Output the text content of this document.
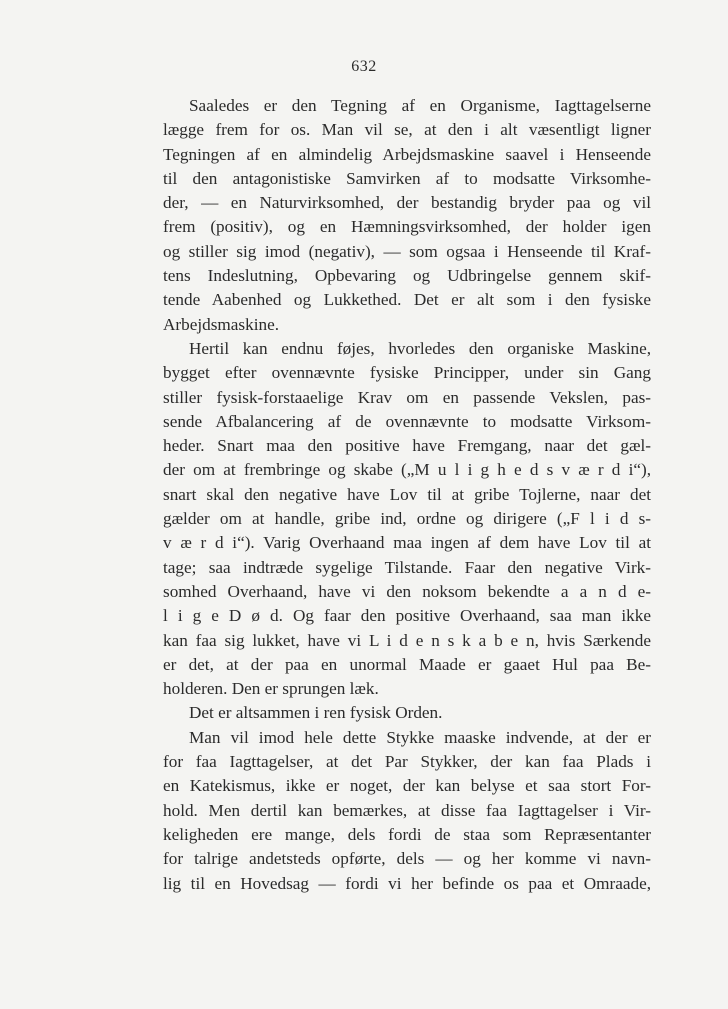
632
Saaledes er den Tegning af en Organisme, Iagttagelserne
lægge frem for os. Man vil se, at den i alt væsentligt ligner
Tegningen af en almindelig Arbejdsmaskine saavel i Henseende
til den antagonistiske Samvirken af to modsatte Virksomhe-
der, — en Naturvirksomhed, der bestandig bryder paa og vil
frem (positiv), og en Hæmningsvirksomhed, der holder igen
og stiller sig imod (negativ), — som ogsaa i Henseende til Kraf-
tens Indeslutning, Opbevaring og Udbringelse gennem skif-
tende Aabenhed og Lukkethed. Det er alt som i den fysiske
Arbejdsmaskine.
Hertil kan endnu føjes, hvorledes den organiske Maskine,
bygget efter ovennævnte fysiske Principper, under sin Gang
stiller fysisk-forstaaelige Krav om en passende Vekslen, pas-
sende Afbalancering af de ovennævnte to modsatte Virksom-
heder. Snart maa den positive have Fremgang, naar det gæl-
der om at frembringe og skabe („M u l i g h e d s v æ r d i“),
snart skal den negative have Lov til at gribe Tojlerne, naar det
gælder om at handle, gribe ind, ordne og dirigere („F l i d s-
v æ r d i“). Varig Overhaand maa ingen af dem have Lov til at
tage; saa indtræde sygelige Tilstande. Faar den negative Virk-
somhed Overhaand, have vi den noksom bekendte a a n d e-
l i g e D ø d. Og faar den positive Overhaand, saa man ikke
kan faa sig lukket, have vi L i d e n s k a b e n, hvis Særkende
er det, at der paa en unormal Maade er gaaet Hul paa Be-
holderen. Den er sprungen læk.
Det er altsammen i ren fysisk Orden.
Man vil imod hele dette Stykke maaske indvende, at der er
for faa Iagttagelser, at det Par Stykker, der kan faa Plads i
en Katekismus, ikke er noget, der kan belyse et saa stort For-
hold. Men dertil kan bemærkes, at disse faa Iagttagelser i Vir-
keligheden ere mange, dels fordi de staa som Repræsentanter
for talrige andetsteds opførte, dels — og her komme vi navn-
lig til en Hovedsag — fordi vi her befinde os paa et Omraade,
